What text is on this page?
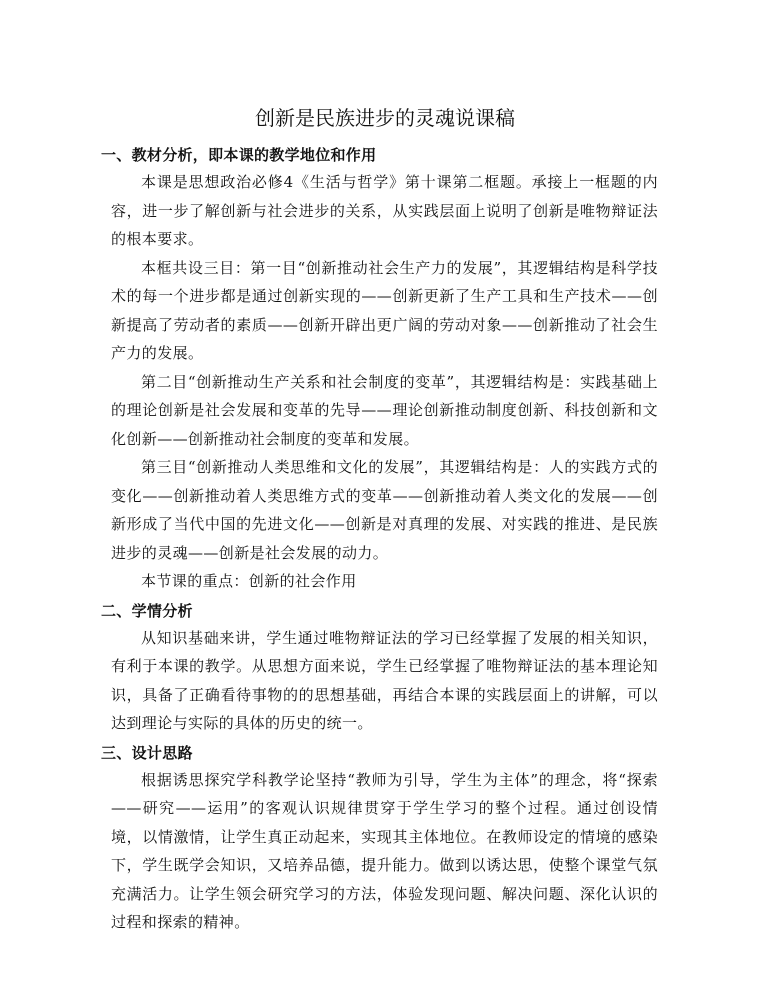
创新是民族进步的灵魂说课稿

一、教材分析，即本课的教学地位和作用

本课是思想政治必修4《生活与哲学》第十课第二框题。承接上一框题的内容，进一步了解创新与社会进步的关系，从实践层面上说明了创新是唯物辩证法的根本要求。

本框共设三目：第一目“创新推动社会生产力的发展”，其逻辑结构是科学技术的每一个进步都是通过创新实现的——创新更新了生产工具和生产技术——创新提高了劳动者的素质——创新开辟出更广阔的劳动对象——创新推动了社会生产力的发展。

第二目“创新推动生产关系和社会制度的变革”，其逻辑结构是：实践基础上的理论创新是社会发展和变革的先导——理论创新推动制度创新、科技创新和文化创新——创新推动社会制度的变革和发展。

第三目“创新推动人类思维和文化的发展”，其逻辑结构是：人的实践方式的变化——创新推动着人类思维方式的变革——创新推动着人类文化的发展——创新形成了当代中国的先进文化——创新是对真理的发展、对实践的推进、是民族进步的灵魂——创新是社会发展的动力。

本节课的重点：创新的社会作用

二、学情分析

从知识基础来讲，学生通过唯物辩证法的学习已经掌握了发展的相关知识，有利于本课的教学。从思想方面来说，学生已经掌握了唯物辩证法的基本理论知识，具备了正确看待事物的的思想基础，再结合本课的实践层面上的讲解，可以达到理论与实际的具体的历史的统一。

三、设计思路

根据诱思探究学科教学论坚持“教师为引导，学生为主体”的理念，将“探索——研究——运用”的客观认识规律贯穿于学生学习的整个过程。通过创设情境，以情激情，让学生真正动起来，实现其主体地位。在教师设定的情境的感染下，学生既学会知识，又培养品德，提升能力。做到以诱达思，使整个课堂气氛充满活力。让学生领会研究学习的方法，体验发现问题、解决问题、深化认识的过程和探索的精神。
